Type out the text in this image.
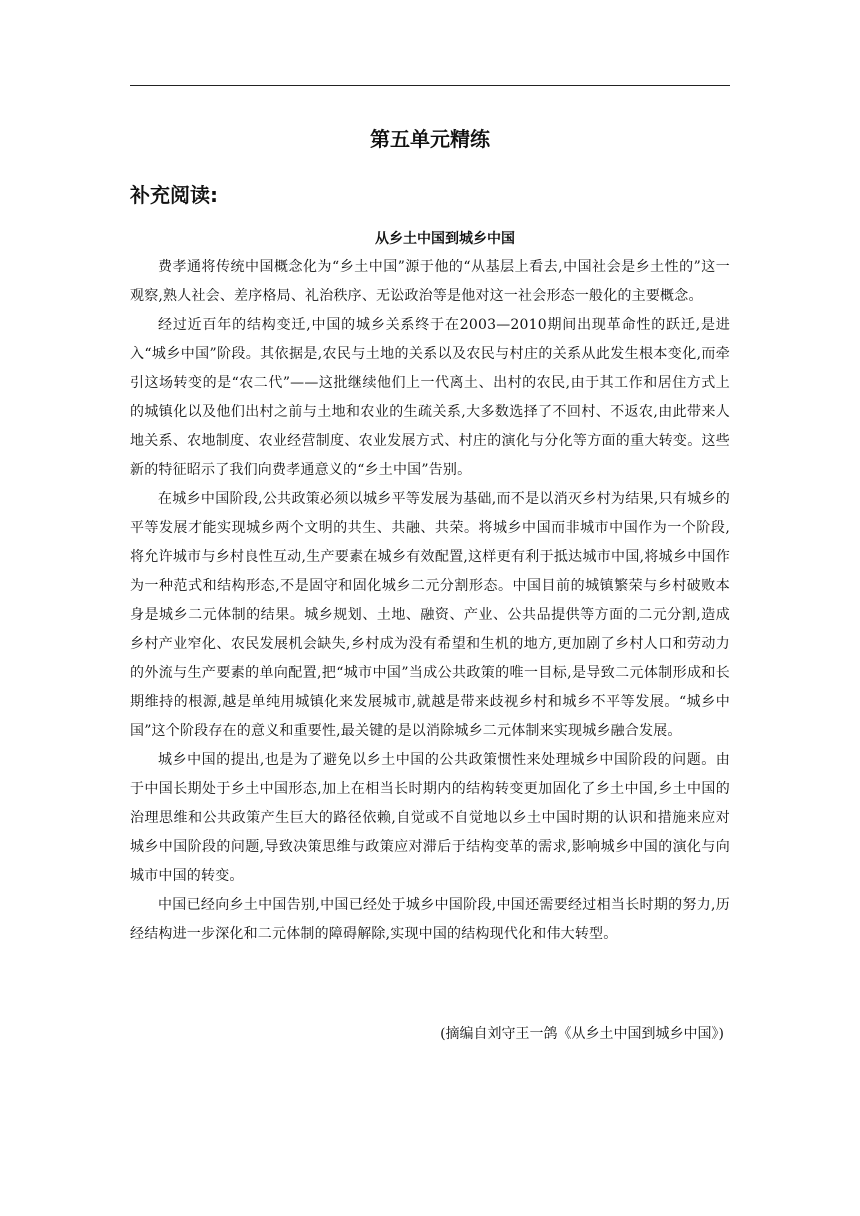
第五单元精练
补充阅读:
从乡土中国到城乡中国

费孝通将传统中国概念化为“乡土中国”源于他的“从基层上看去,中国社会是乡土性的”这一观察,熟人社会、差序格局、礼治秩序、无讼政治等是他对这一社会形态一般化的主要概念。

经过近百年的结构变迁,中国的城乡关系终于在2003—2010期间出现革命性的跃迁,是进入“城乡中国”阶段。其依据是,农民与土地的关系以及农民与村庄的关系从此发生根本变化,而牵引这场转变的是“农二代”——这批继续他们上一代离土、出村的农民,由于其工作和居住方式上的城镇化以及他们出村之前与土地和农业的生疏关系,大多数选择了不回村、不返农,由此带来人地关系、农地制度、农业经营制度、农业发展方式、村庄的演化与分化等方面的重大转变。这些新的特征昭示了我们向费孝通意义的“乡土中国”告别。

在城乡中国阶段,公共政策必须以城乡平等发展为基础,而不是以消灭乡村为结果,只有城乡的平等发展才能实现城乡两个文明的共生、共融、共荣。将城乡中国而非城市中国作为一个阶段,将允许城市与乡村良性互动,生产要素在城乡有效配置,这样更有利于抵达城市中国,将城乡中国作为一种范式和结构形态,不是固守和固化城乡二元分割形态。中国目前的城镇繁荣与乡村破败本身是城乡二元体制的结果。城乡规划、土地、融资、产业、公共品提供等方面的二元分割,造成乡村产业窄化、农民发展机会缺失,乡村成为没有希望和生机的地方,更加剧了乡村人口和劳动力的外流与生产要素的单向配置,把“城市中国”当成公共政策的唯一目标,是导致二元体制形成和长期维持的根源,越是单纯用城镇化来发展城市,就越是带来歧视乡村和城乡不平等发展。“城乡中国”这个阶段存在的意义和重要性,最关键的是以消除城乡二元体制来实现城乡融合发展。

城乡中国的提出,也是为了避免以乡土中国的公共政策惯性来处理城乡中国阶段的问题。由于中国长期处于乡土中国形态,加上在相当长时期内的结构转变更加固化了乡土中国,乡土中国的治理思维和公共政策产生巨大的路径依赖,自觉或不自觉地以乡土中国时期的认识和措施来应对城乡中国阶段的问题,导致决策思维与政策应对滞后于结构变革的需求,影响城乡中国的演化与向城市中国的转变。

中国已经向乡土中国告别,中国已经处于城乡中国阶段,中国还需要经过相当长时期的努力,历经结构进一步深化和二元体制的障碍解除,实现中国的结构现代化和伟大转型。

(摘编自刘守王一鸽《从乡土中国到城乡中国》)
